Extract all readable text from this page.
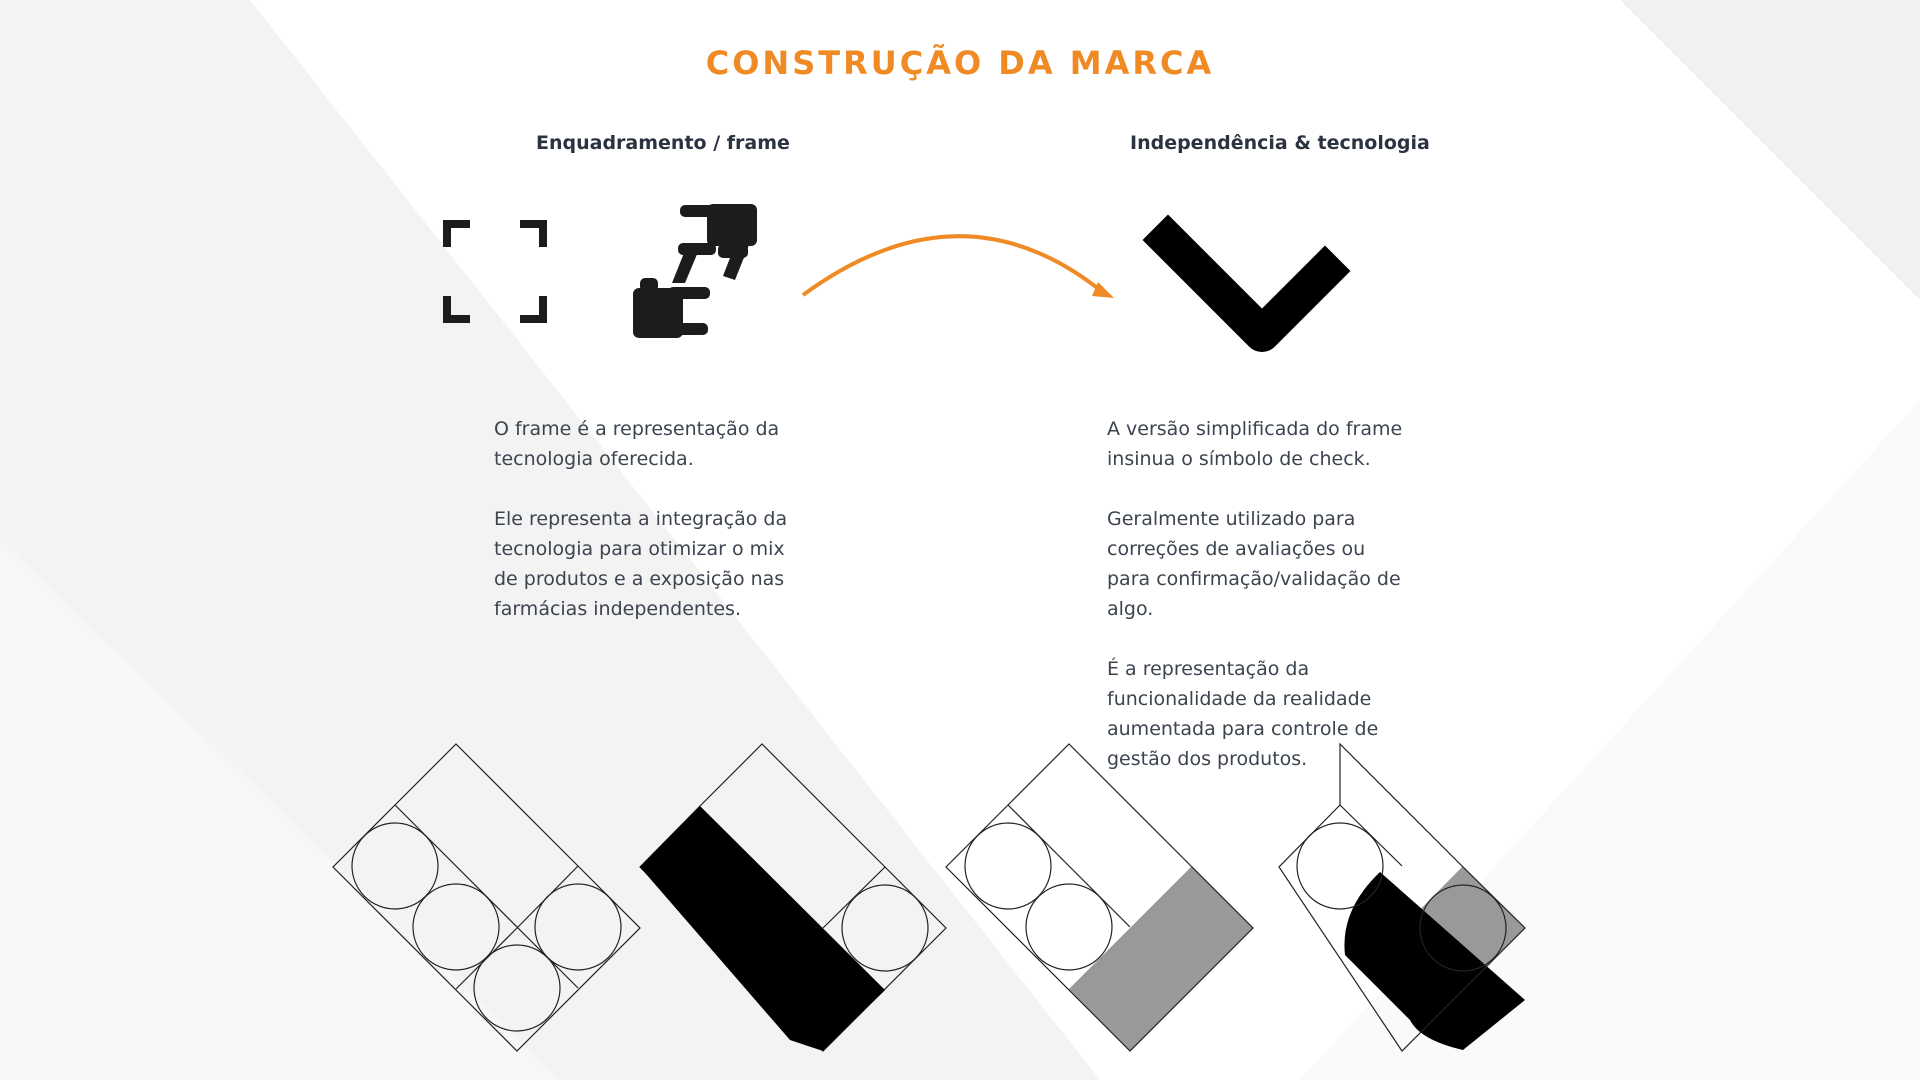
CONSTRUÇÃO DA MARCA
Enquadramento / frame	Independência & tecnologia

O frame é a representação da tecnologia oferecida.

Ele representa a integração da tecnologia para otimizar o mix de produtos e a exposição nas farmácias independentes.

A versão simplificada do frame insinua o símbolo de check.

Geralmente utilizado para correções de avaliações ou para confirmação/validação de algo.

É a representação da funcionalidade da realidade aumentada para controle de gestão dos produtos.
